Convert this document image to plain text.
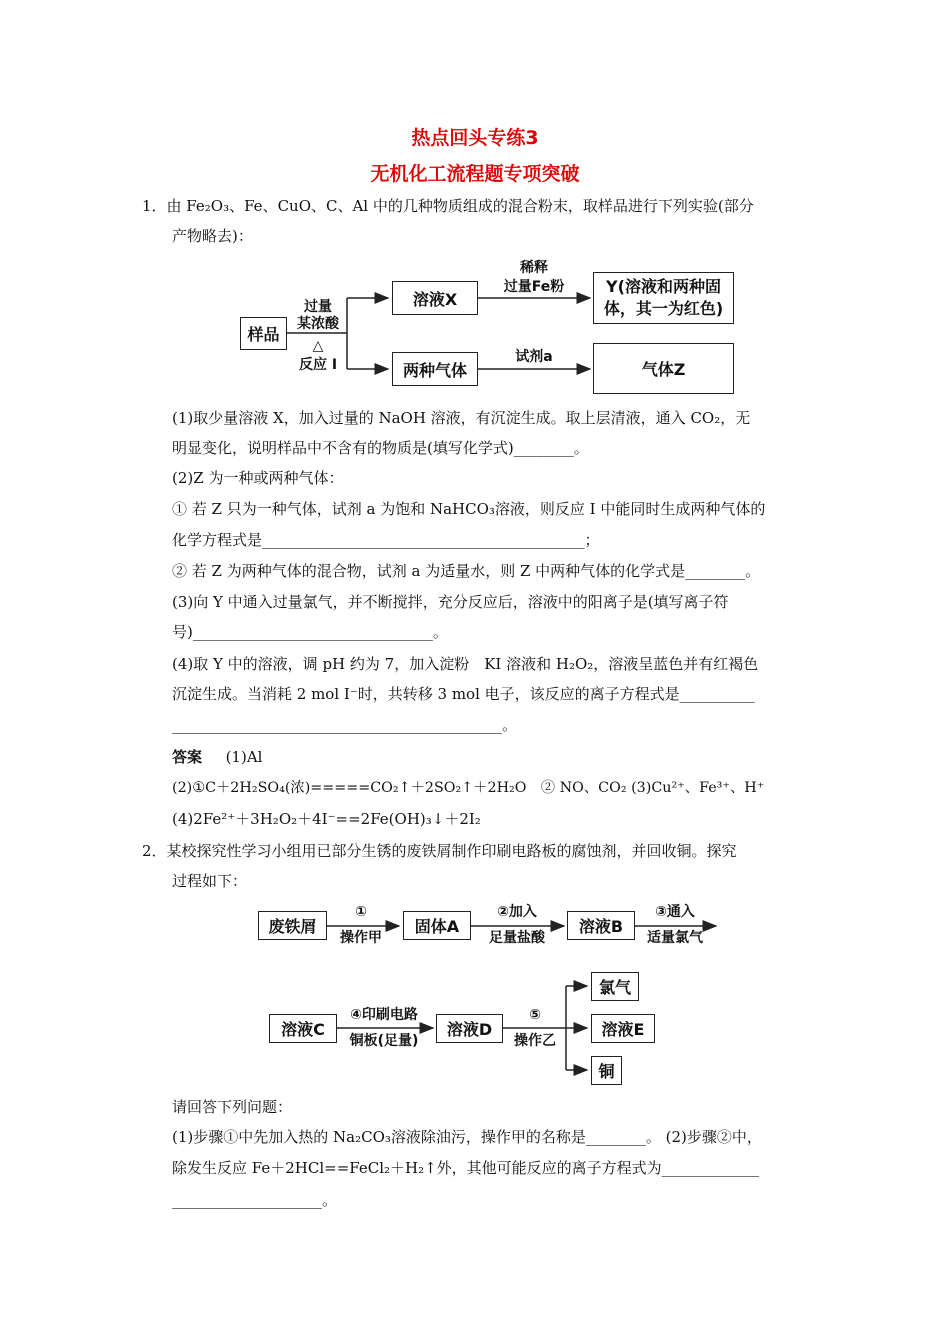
热点回头专练3
无机化工流程题专项突破
1．由 Fe₂O₃、Fe、CuO、C、Al 中的几种物质组成的混合粉末，取样品进行下列实验(部分
产物略去)：
样品
过量
某浓酸
△
反应 I
溶液X
两种气体
稀释
过量Fe粉
试剂a
Y(溶液和两种固
体，其一为红色)
气体Z
(1)取少量溶液 X，加入过量的 NaOH 溶液，有沉淀生成。取上层清液，通入 CO₂，无
明显变化，说明样品中不含有的物质是(填写化学式)________。
(2)Z 为一种或两种气体：
① 若 Z 只为一种气体，试剂 a 为饱和 NaHCO₃溶液，则反应 I 中能同时生成两种气体的
化学方程式是___________________________________________；
② 若 Z 为两种气体的混合物，试剂 a 为适量水，则 Z 中两种气体的化学式是________。
(3)向 Y 中通入过量氯气，并不断搅拌，充分反应后，溶液中的阳离子是(填写离子符
号)________________________________。
(4)取 Y 中的溶液，调 pH 约为 7，加入淀粉　KI 溶液和 H₂O₂，溶液呈蓝色并有红褐色
沉淀生成。当消耗 2 mol I⁻时，共转移 3 mol 电子，该反应的离子方程式是__________
____________________________________________。
答案 (1)Al
(2)①C＋2H₂SO₄(浓)=====CO₂↑＋2SO₂↑＋2H₂O　② NO、CO₂ (3)Cu²⁺、Fe³⁺、H⁺
(4)2Fe²⁺＋3H₂O₂＋4I⁻==2Fe(OH)₃↓＋2I₂
2．某校探究性学习小组用已部分生锈的废铁屑制作印刷电路板的腐蚀剂，并回收铜。探究
过程如下：
废铁屑
①
操作甲
固体A
②加入
足量盐酸
溶液B
③通入
适量氯气
溶液C
④印刷电路
铜板(足量)
溶液D
⑤
操作乙
氯气
溶液E
铜
请回答下列问题：
(1)步骤①中先加入热的 Na₂CO₃溶液除油污，操作甲的名称是________。 (2)步骤②中，
除发生反应 Fe＋2HCl==FeCl₂＋H₂↑外，其他可能反应的离子方程式为_____________
____________________。
